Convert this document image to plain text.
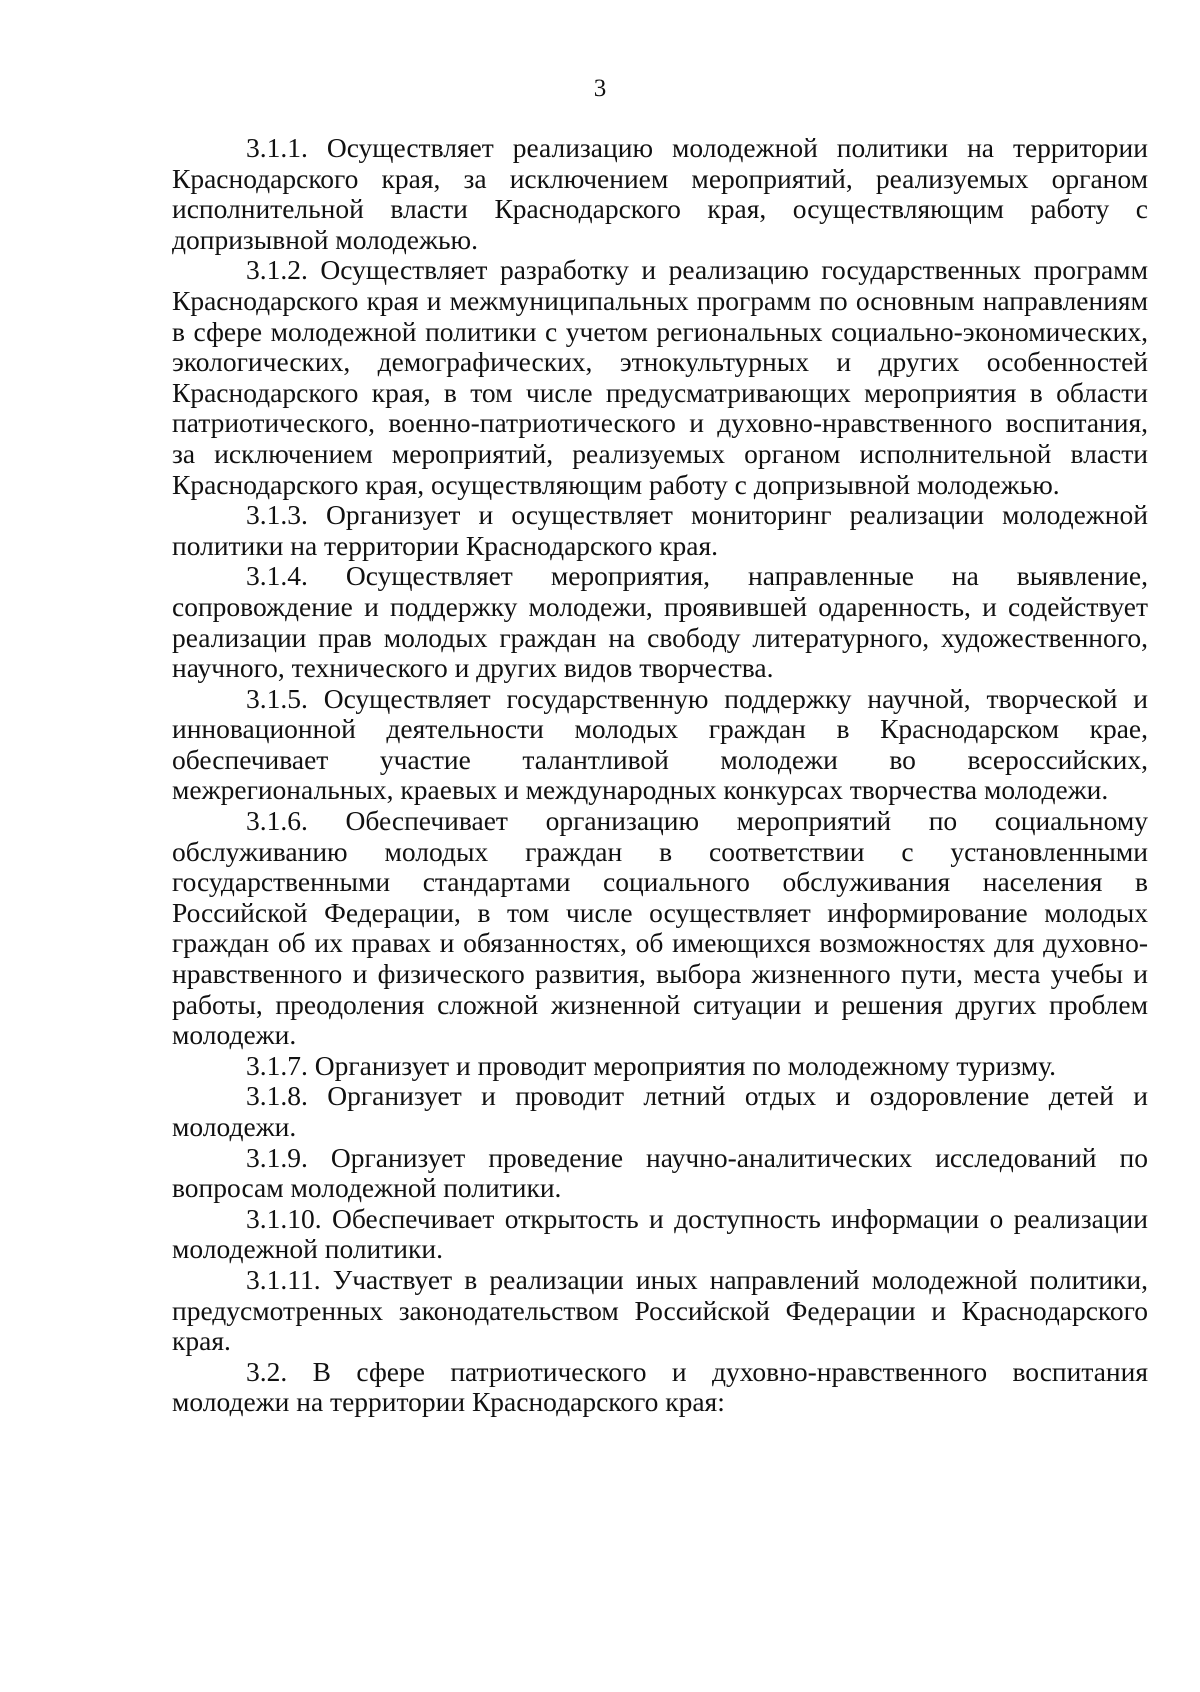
3

3.1.1. Осуществляет реализацию молодежной политики на территории Краснодарского края, за исключением мероприятий, реализуемых органом исполнительной власти Краснодарского края, осуществляющим работу с допризывной молодежью.

3.1.2. Осуществляет разработку и реализацию государственных программ Краснодарского края и межмуниципальных программ по основным направлениям в сфере молодежной политики с учетом региональных социально-экономических, экологических, демографических, этнокультурных и других особенностей Краснодарского края, в том числе предусматривающих мероприятия в области патриотического, военно-патриотического и духовно-нравственного воспитания, за исключением мероприятий, реализуемых органом исполнительной власти Краснодарского края, осуществляющим работу с допризывной молодежью.

3.1.3. Организует и осуществляет мониторинг реализации молодежной политики на территории Краснодарского края.

3.1.4. Осуществляет мероприятия, направленные на выявление, сопровождение и поддержку молодежи, проявившей одаренность, и содействует реализации прав молодых граждан на свободу литературного, художественного, научного, технического и других видов творчества.

3.1.5. Осуществляет государственную поддержку научной, творческой и инновационной деятельности молодых граждан в Краснодарском крае, обеспечивает участие талантливой молодежи во всероссийских, межрегиональных, краевых и международных конкурсах творчества молодежи.

3.1.6. Обеспечивает организацию мероприятий по социальному обслуживанию молодых граждан в соответствии с установленными государственными стандартами социального обслуживания населения в Российской Федерации, в том числе осуществляет информирование молодых граждан об их правах и обязанностях, об имеющихся возможностях для духовно-нравственного и физического развития, выбора жизненного пути, места учебы и работы, преодоления сложной жизненной ситуации и решения других проблем молодежи.

3.1.7. Организует и проводит мероприятия по молодежному туризму.

3.1.8. Организует и проводит летний отдых и оздоровление детей и молодежи.

3.1.9. Организует проведение научно-аналитических исследований по вопросам молодежной политики.

3.1.10. Обеспечивает открытость и доступность информации о реализации молодежной политики.

3.1.11. Участвует в реализации иных направлений молодежной политики, предусмотренных законодательством Российской Федерации и Краснодарского края.

3.2. В сфере патриотического и духовно-нравственного воспитания молодежи на территории Краснодарского края:
